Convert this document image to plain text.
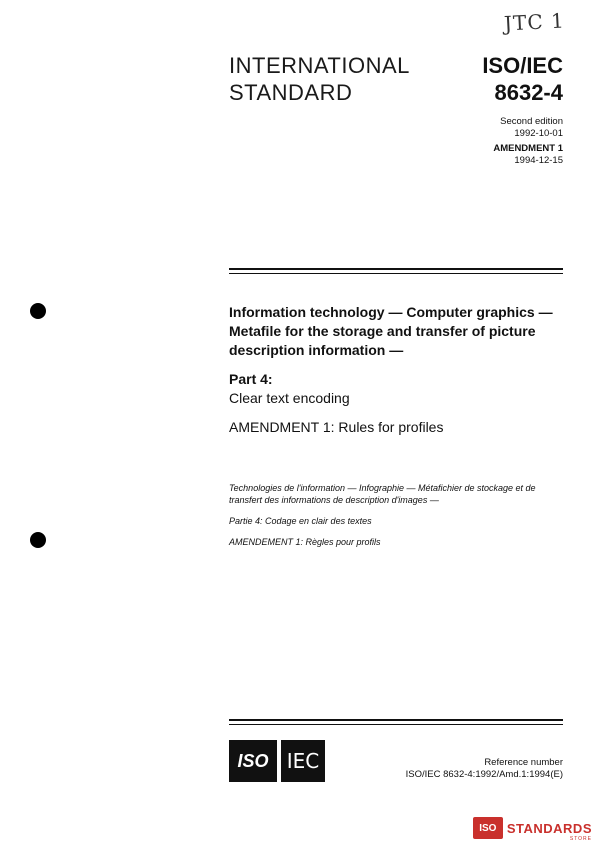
JTC 1
INTERNATIONAL
STANDARD
ISO/IEC
8632-4
Second edition
1992-10-01
AMENDMENT 1
1994-12-15
Information technology — Computer graphics —
Metafile for the storage and transfer of picture
description information —
Part 4:
Clear text encoding
AMENDMENT 1: Rules for profiles
Technologies de l'information — Infographie — Métafichier de stockage et de
transfert des informations de description d'images —
Partie 4: Codage en clair des textes
AMENDEMENT 1: Règles pour profils
ISO IEC	Reference number
ISO/IEC 8632-4:1992/Amd.1:1994(E)
ISO STANDARDS
STORE
